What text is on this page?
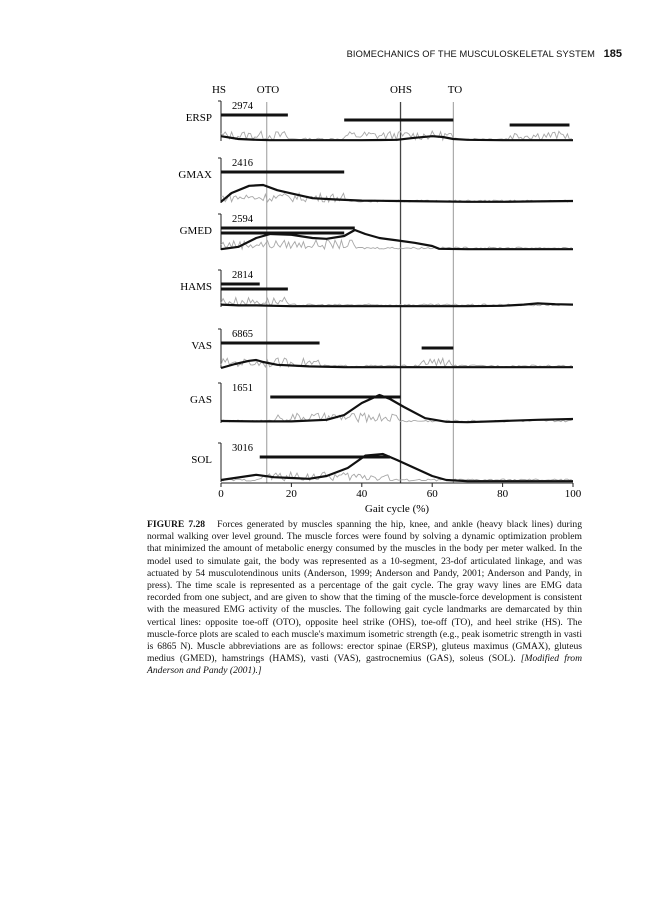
BIOMECHANICS OF THE MUSCULOSKELETAL SYSTEM 185
HS	OTO	OHS	TO
ERSP
2974
GMAX
2416
GMED
2594
HAMS
2814
VAS
6865
GAS
1651
SOL
3016
0	20	40	60	80	100
Gait cycle (%)
FIGURE 7.28 Forces generated by muscles spanning the hip, knee, and ankle (heavy black lines) during normal walking over level ground. The muscle forces were found by solving a dynamic optimization problem that minimized the amount of metabolic energy consumed by the muscles in the body per meter walked. In the model used to simulate gait, the body was represented as a 10-segment, 23-dof articulated linkage, and was actuated by 54 musculotendinous units (Anderson, 1999; Anderson and Pandy, 2001; Anderson and Pandy, in press). The time scale is represented as a percentage of the gait cycle. The gray wavy lines are EMG data recorded from one subject, and are given to show that the timing of the muscle-force development is consistent with the measured EMG activity of the muscles. The following gait cycle landmarks are demarcated by thin vertical lines: opposite toe-off (OTO), opposite heel strike (OHS), toe-off (TO), and heel strike (HS). The muscle-force plots are scaled to each muscle's maximum isometric strength (e.g., peak isometric strength in vasti is 6865 N). Muscle abbreviations are as follows: erector spinae (ERSP), gluteus maximus (GMAX), gluteus medius (GMED), hamstrings (HAMS), vasti (VAS), gastrocnemius (GAS), soleus (SOL). [Modified from Anderson and Pandy (2001).]
